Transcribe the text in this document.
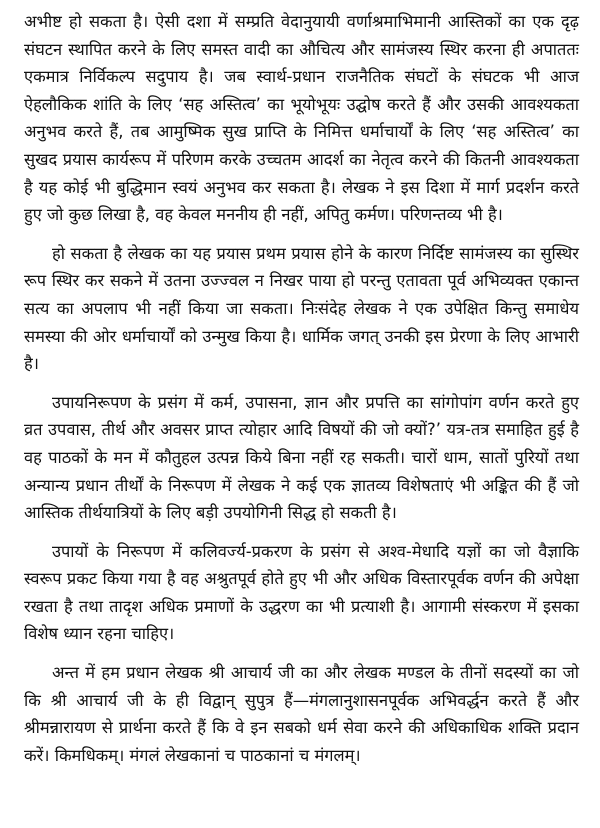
अभीष्ट हो सकता है। ऐसी दशा में सम्प्रति वेदानुयायी वर्णाश्रमाभिमानी आस्तिकों का एक दृढ़ संघटन स्थापित करने के लिए समस्त वादी का औचित्य और सामंजस्य स्थिर करना ही अपाततः एकमात्र निर्विकल्प सदुपाय है। जब स्वार्थ-प्रधान राजनैतिक संघटों के संघटक भी आज ऐहलौकिक शांति के लिए ‘सह अस्तित्व’ का भूयोभूयः उद्घोष करते हैं और उसकी आवश्यकता अनुभव करते हैं, तब आमुष्मिक सुख प्राप्ति के निमित्त धर्माचार्यों के लिए ‘सह अस्तित्व’ का सुखद प्रयास कार्यरूप में परिणम करके उच्चतम आदर्श का नेतृत्व करने की कितनी आवश्यकता है यह कोई भी बुद्धिमान स्वयं अनुभव कर सकता है। लेखक ने इस दिशा में मार्ग प्रदर्शन करते हुए जो कुछ लिखा है, वह केवल मननीय ही नहीं, अपितु कर्मण। परिणन्तव्य भी है।

हो सकता है लेखक का यह प्रयास प्रथम प्रयास होने के कारण निर्दिष्ट सामंजस्य का सुस्थिर रूप स्थिर कर सकने में उतना उज्ज्वल न निखर पाया हो परन्तु एतावता पूर्व अभिव्यक्त एकान्त सत्य का अपलाप भी नहीं किया जा सकता। निःसंदेह लेखक ने एक उपेक्षित किन्तु समाधेय समस्या की ओर धर्माचार्यों को उन्मुख किया है। धार्मिक जगत् उनकी इस प्रेरणा के लिए आभारी है।

उपायनिरूपण के प्रसंग में कर्म, उपासना, ज्ञान और प्रपत्ति का सांगोपांग वर्णन करते हुए व्रत उपवास, तीर्थ और अवसर प्राप्त त्योहार आदि विषयों की जो क्यों?’ यत्र-तत्र समाहित हुई है वह पाठकों के मन में कौतुहल उत्पन्न किये बिना नहीं रह सकती। चारों धाम, सातों पुरियों तथा अन्यान्य प्रधान तीर्थों के निरूपण में लेखक ने कई एक ज्ञातव्य विशेषताएं भी अङ्कित की हैं जो आस्तिक तीर्थयात्रियों के लिए बड़ी उपयोगिनी सिद्ध हो सकती है।

उपायों के निरूपण में कलिवर्ज्य-प्रकरण के प्रसंग से अश्व-मेधादि यज्ञों का जो वैज्ञाकि स्वरूप प्रकट किया गया है वह अश्रुतपूर्व होते हुए भी और अधिक विस्तारपूर्वक वर्णन की अपेक्षा रखता है तथा तादृश अधिक प्रमाणों के उद्धरण का भी प्रत्याशी है। आगामी संस्करण में इसका विशेष ध्यान रहना चाहिए।

अन्त में हम प्रधान लेखक श्री आचार्य जी का और लेखक मण्डल के तीनों सदस्यों का जो कि श्री आचार्य जी के ही विद्वान् सुपुत्र हैं—मंगलानुशासनपूर्वक अभिवर्द्धन करते हैं और श्रीमन्नारायण से प्रार्थना करते हैं कि वे इन सबको धर्म सेवा करने की अधिकाधिक शक्ति प्रदान करें। किमधिकम्। मंगलं लेखकानां च पाठकानां च मंगलम्।
